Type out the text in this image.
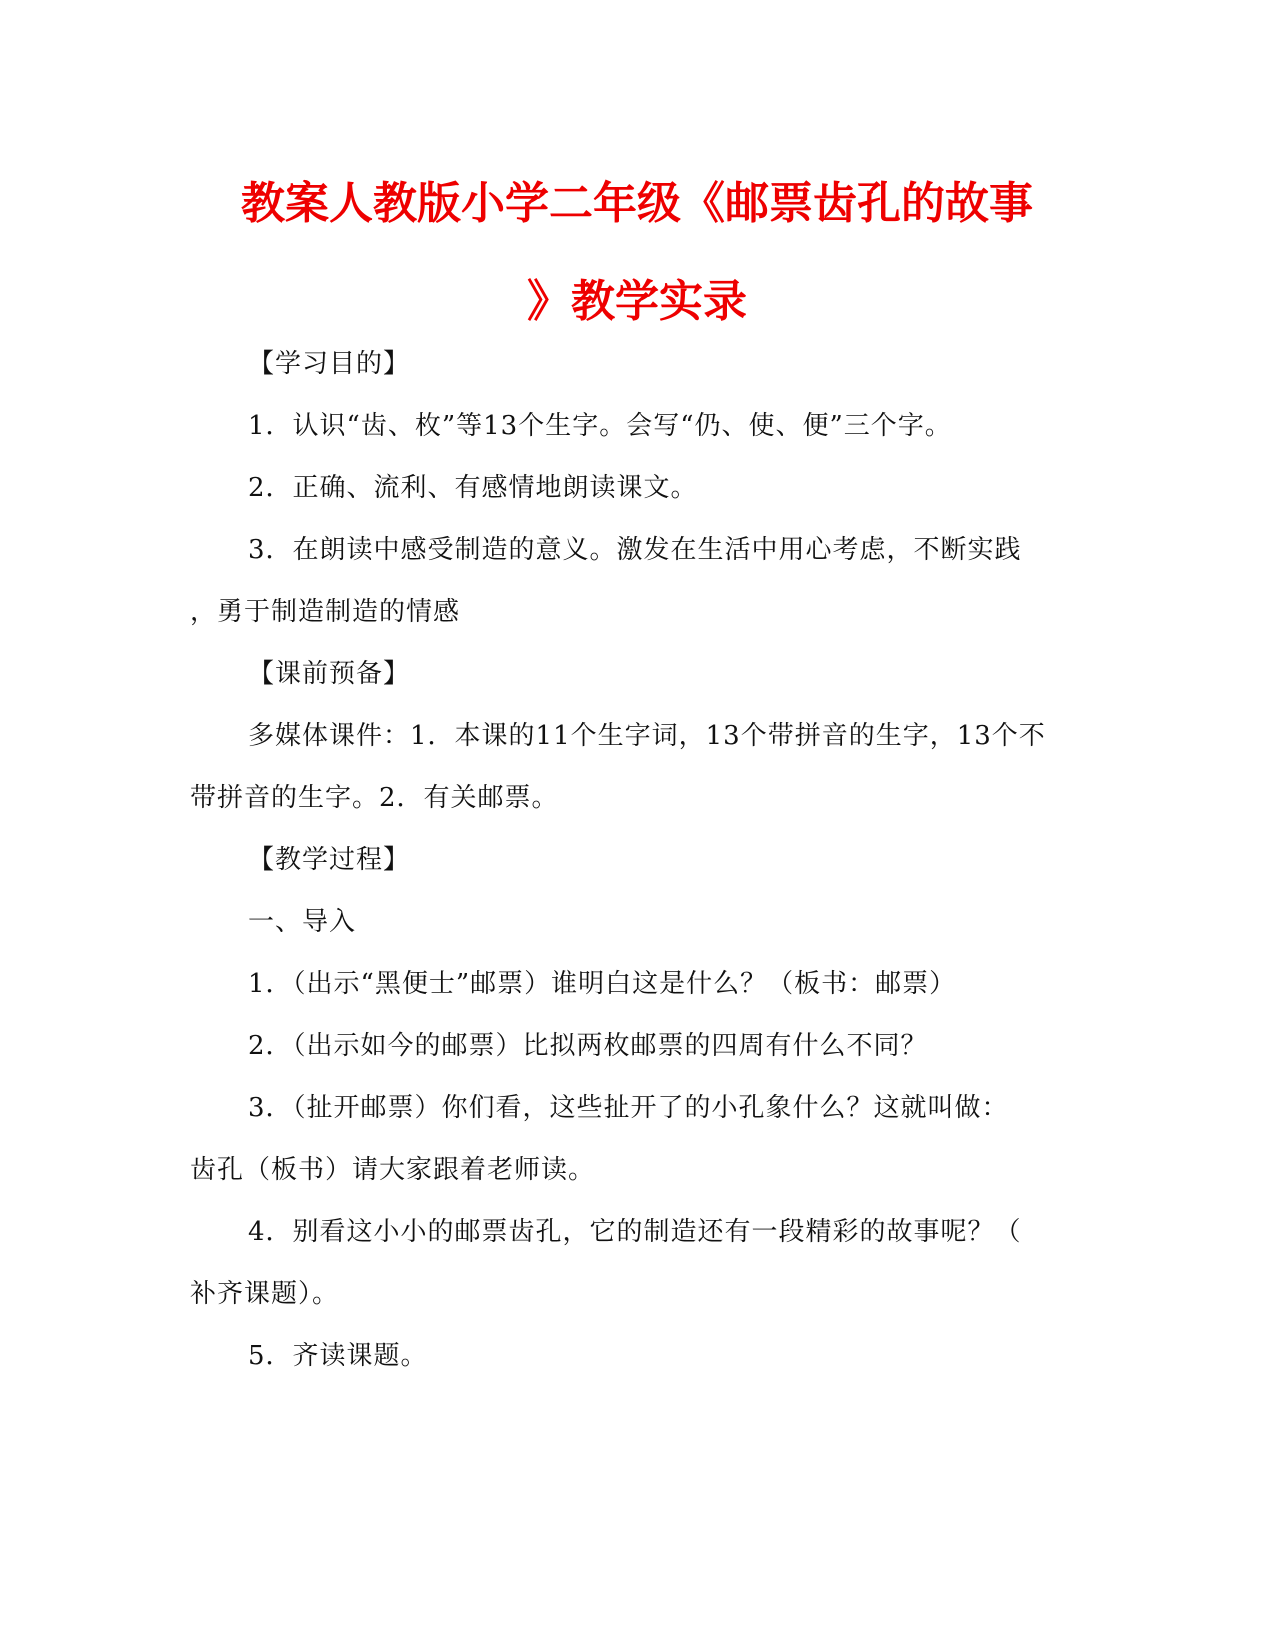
教案人教版小学二年级《邮票齿孔的故事
》教学实录
【学习目的】
1．认识“齿、枚”等13个生字。会写“仍、使、便”三个字。
2．正确、流利、有感情地朗读课文。
3．在朗读中感受制造的意义。激发在生活中用心考虑，不断实践
，勇于制造制造的情感
【课前预备】
多媒体课件：1．本课的11个生字词，13个带拼音的生字，13个不
带拼音的生字。2．有关邮票。
【教学过程】
一、导入
1．（出示“黑便士”邮票）谁明白这是什么？（板书：邮票）
2．（出示如今的邮票）比拟两枚邮票的四周有什么不同？
3．（扯开邮票）你们看，这些扯开了的小孔象什么？这就叫做：
齿孔（板书）请大家跟着老师读。
4．别看这小小的邮票齿孔，它的制造还有一段精彩的故事呢？（
补齐课题）。
5．齐读课题。
